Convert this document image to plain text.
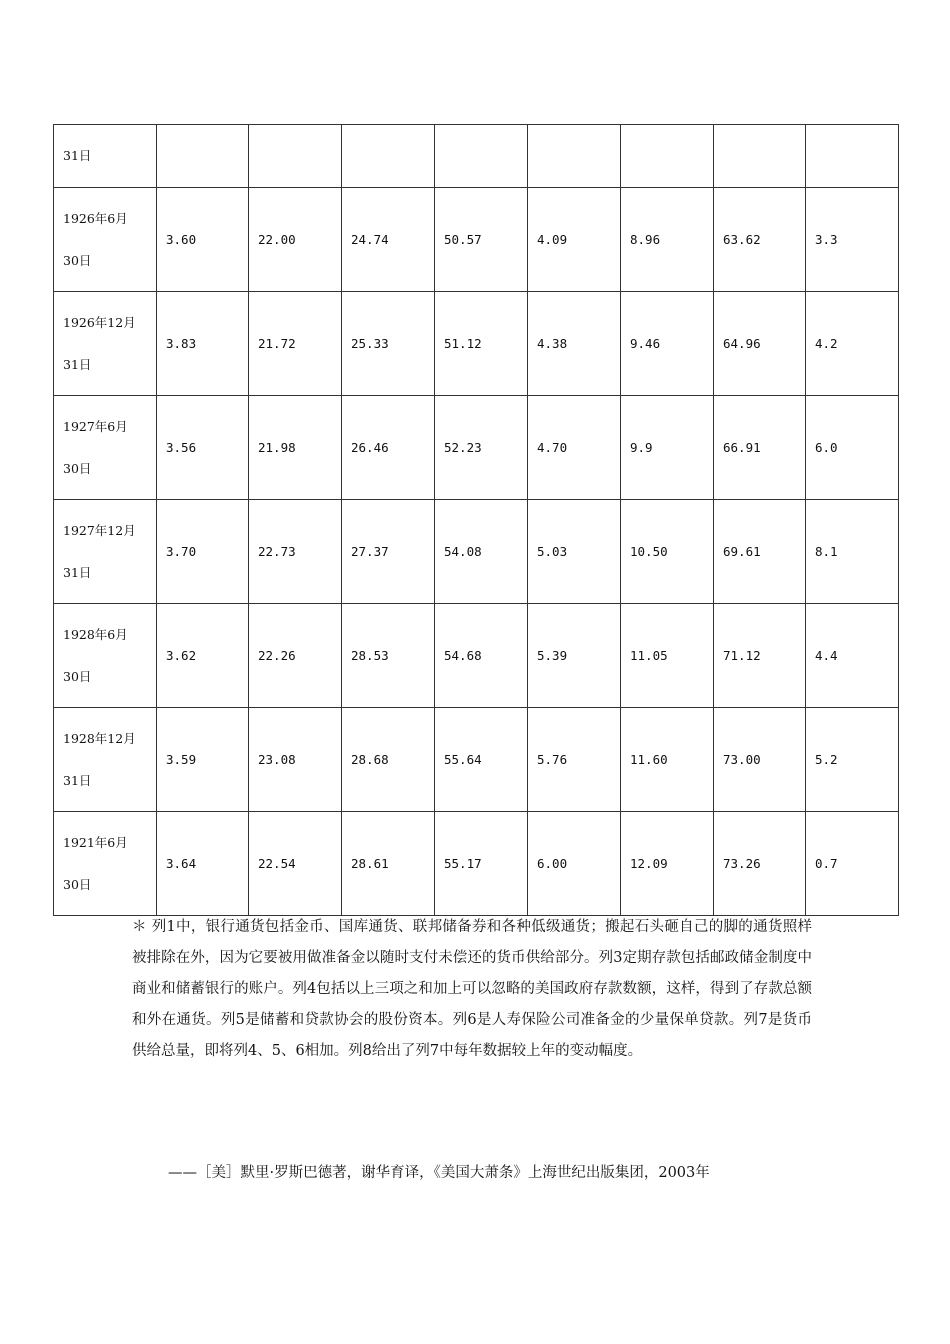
31日								

1926年6月
30日	3.60	22.00	24.74	50.57	4.09	8.96	63.62	3.3

1926年12月
31日	3.83	21.72	25.33	51.12	4.38	9.46	64.96	4.2

1927年6月
30日	3.56	21.98	26.46	52.23	4.70	9.9	66.91	6.0

1927年12月
31日	3.70	22.73	27.37	54.08	5.03	10.50	69.61	8.1

1928年6月
30日	3.62	22.26	28.53	54.68	5.39	11.05	71.12	4.4

1928年12月
31日	3.59	23.08	28.68	55.64	5.76	11.60	73.00	5.2

1921年6月
30日	3.64	22.54	28.61	55.17	6.00	12.09	73.26	0.7

＊ 列1中，银行通货包括金币、国库通货、联邦储备券和各种低级通货；搬起石头砸自己的脚的通货照样被排除在外，因为它要被用做准备金以随时支付未偿还的货币供给部分。列3定期存款包括邮政储金制度中商业和储蓄银行的账户。列4包括以上三项之和加上可以忽略的美国政府存款数额，这样，得到了存款总额和外在通货。列5是储蓄和贷款协会的股份资本。列6是人寿保险公司准备金的少量保单贷款。列7是货币供给总量，即将列4、5、6相加。列8给出了列7中每年数据较上年的变动幅度。

——［美］默里·罗斯巴德著，谢华育译，《美国大萧条》上海世纪出版集团，2003年
